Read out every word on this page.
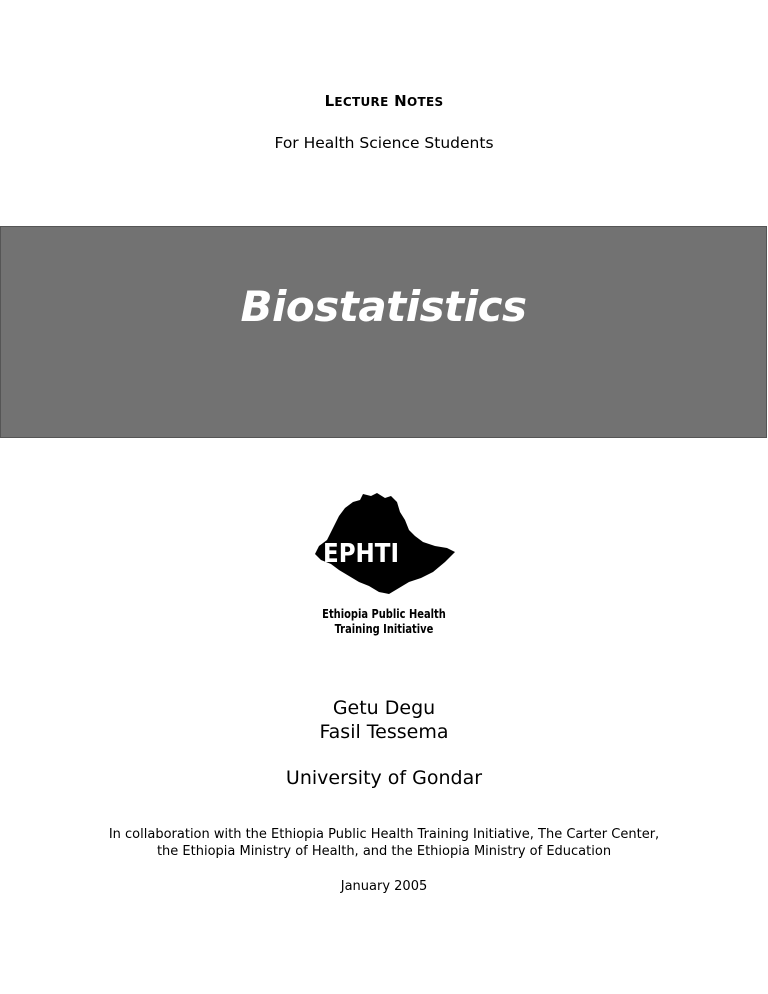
LECTURE NOTES
For Health Science Students
Biostatistics
EPHTI
Ethiopia Public Health
Training Initiative
Getu Degu
Fasil Tessema
University of Gondar
In collaboration with the Ethiopia Public Health Training Initiative, The Carter Center,
the Ethiopia Ministry of Health, and the Ethiopia Ministry of Education
January 2005
